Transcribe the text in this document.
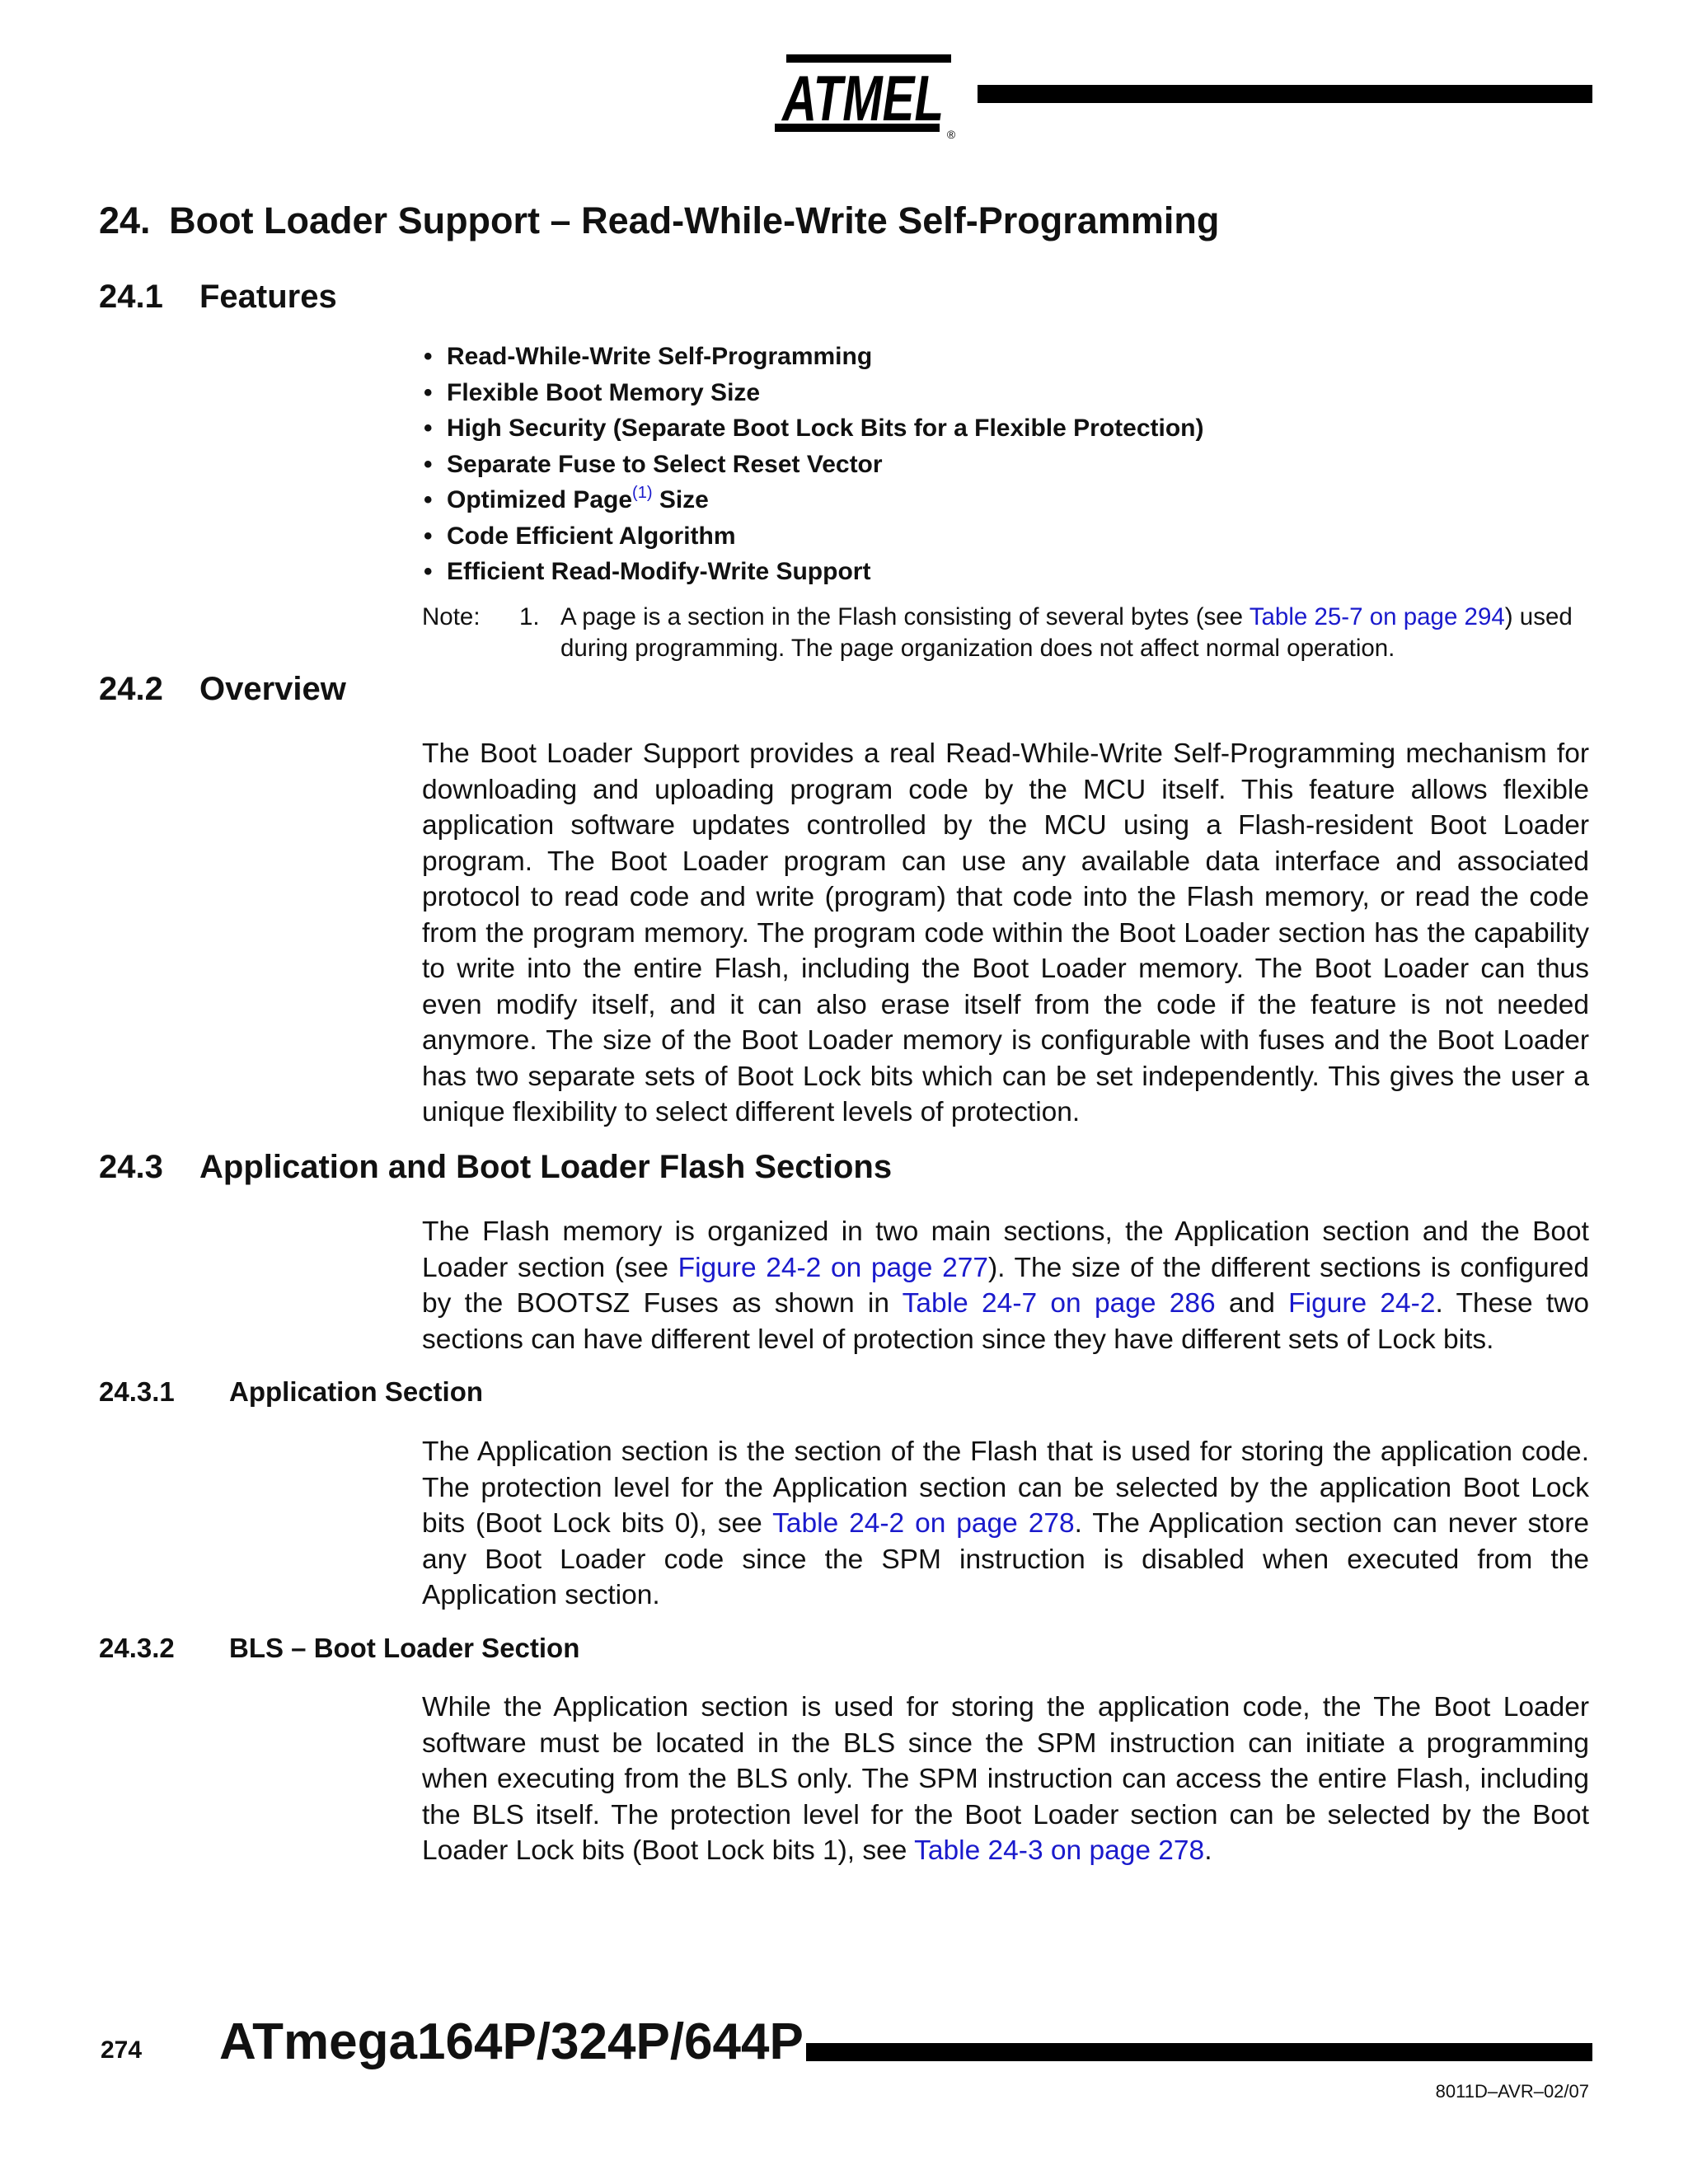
ATMEL ®
24. Boot Loader Support – Read-While-Write Self-Programming
24.1 Features
• Read-While-Write Self-Programming
• Flexible Boot Memory Size
• High Security (Separate Boot Lock Bits for a Flexible Protection)
• Separate Fuse to Select Reset Vector
• Optimized Page$^{(1)}$ Size
• Code Efficient Algorithm
• Efficient Read-Modify-Write Support
Note: 1. A page is a section in the Flash consisting of several bytes (see Table 25-7 on page 294) used during programming. The page organization does not affect normal operation.
24.2 Overview
The Boot Loader Support provides a real Read-While-Write Self-Programming mechanism for downloading and uploading program code by the MCU itself. This feature allows flexible application software updates controlled by the MCU using a Flash-resident Boot Loader program. The Boot Loader program can use any available data interface and associated protocol to read code and write (program) that code into the Flash memory, or read the code from the program memory. The program code within the Boot Loader section has the capability to write into the entire Flash, including the Boot Loader memory. The Boot Loader can thus even modify itself, and it can also erase itself from the code if the feature is not needed anymore. The size of the Boot Loader memory is configurable with fuses and the Boot Loader has two separate sets of Boot Lock bits which can be set independently. This gives the user a unique flexibility to select different levels of protection.
24.3 Application and Boot Loader Flash Sections
The Flash memory is organized in two main sections, the Application section and the Boot Loader section (see Figure 24-2 on page 277). The size of the different sections is configured by the BOOTSZ Fuses as shown in Table 24-7 on page 286 and Figure 24-2. These two sections can have different level of protection since they have different sets of Lock bits.
24.3.1 Application Section
The Application section is the section of the Flash that is used for storing the application code. The protection level for the Application section can be selected by the application Boot Lock bits (Boot Lock bits 0), see Table 24-2 on page 278. The Application section can never store any Boot Loader code since the SPM instruction is disabled when executed from the Application section.
24.3.2 BLS – Boot Loader Section
While the Application section is used for storing the application code, the The Boot Loader software must be located in the BLS since the SPM instruction can initiate a programming when executing from the BLS only. The SPM instruction can access the entire Flash, including the BLS itself. The protection level for the Boot Loader section can be selected by the Boot Loader Lock bits (Boot Lock bits 1), see Table 24-3 on page 278.
274 ATmega164P/324P/644P
8011D–AVR–02/07
